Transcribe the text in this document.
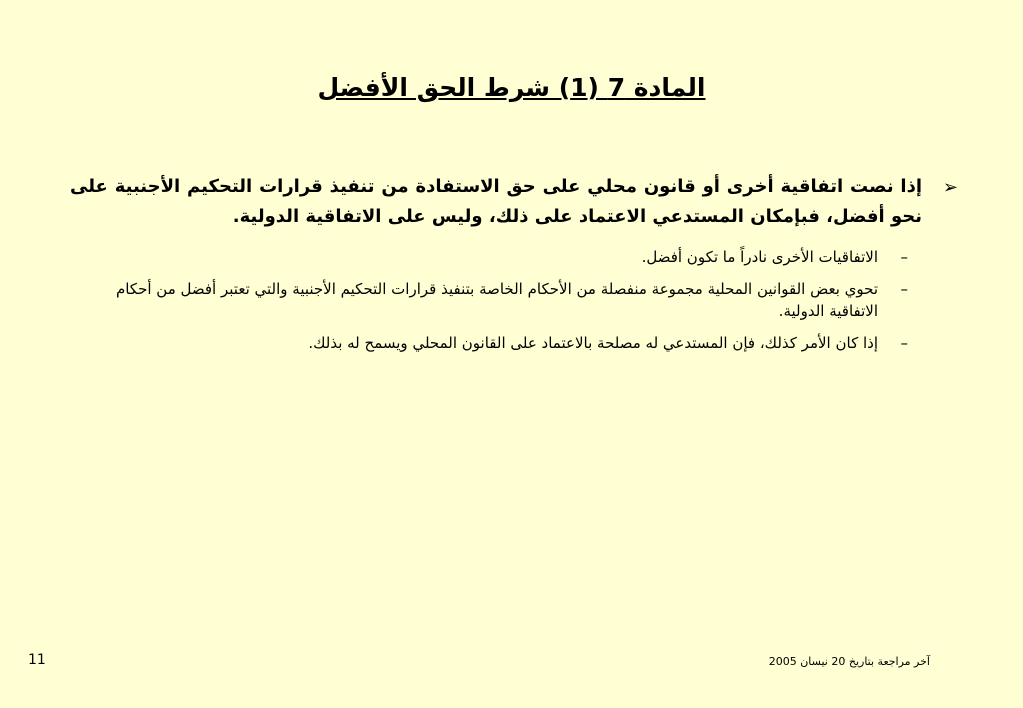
المادة 7 (1) شرط الحق الأفضل
➢
إذا نصت اتفاقية أخرى أو قانون محلي على حق الاستفادة من تنفيذ قرارات التحكيم الأجنبية على نحو أفضل، فبإمكان المستدعي الاعتماد على ذلك، وليس على الاتفاقية الدولية.
–
الاتفاقيات الأخرى نادراً ما تكون أفضل.
–
تحوي بعض القوانين المحلية مجموعة منفصلة من الأحكام الخاصة بتنفيذ قرارات التحكيم الأجنبية والتي تعتبر أفضل من أحكام الاتفاقية الدولية.
–
إذا كان الأمر كذلك، فإن المستدعي له مصلحة بالاعتماد على القانون المحلي ويسمح له بذلك.
آخر مراجعة بتاريخ 20 نيسان 2005
11
